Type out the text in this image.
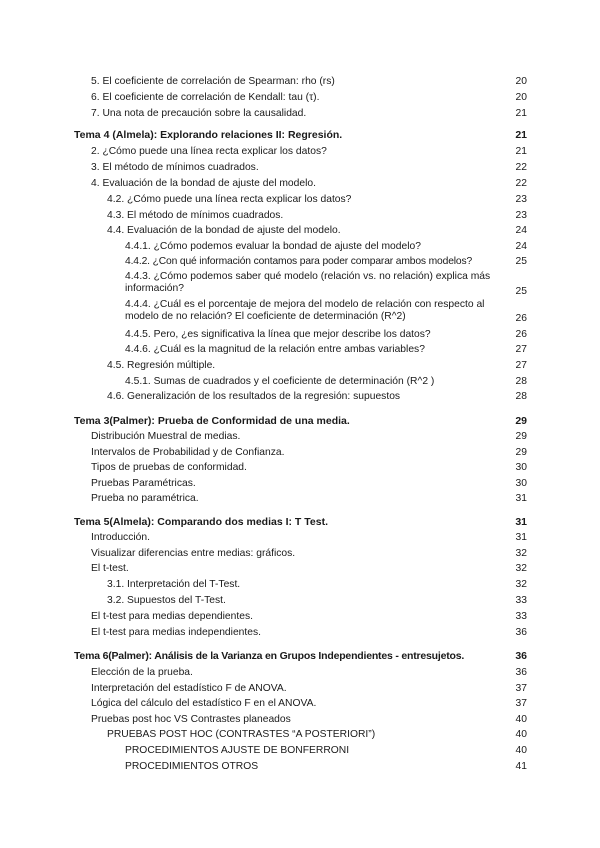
5. El coeficiente de correlación de Spearman: rho (rs)	20
6. El coeficiente de correlación de Kendall: tau (τ).	20
7. Una nota de precaución sobre la causalidad.	21
Tema 4 (Almela): Explorando relaciones II: Regresión.	21
2. ¿Cómo puede una línea recta explicar los datos?	21
3. El método de mínimos cuadrados.	22
4. Evaluación de la bondad de ajuste del modelo.	22
4.2. ¿Cómo puede una línea recta explicar los datos?	23
4.3. El método de mínimos cuadrados.	23
4.4. Evaluación de la bondad de ajuste del modelo.	24
4.4.1. ¿Cómo podemos evaluar la bondad de ajuste del modelo?	24
4.4.2. ¿Con qué información contamos para poder comparar ambos modelos?	25
4.4.3. ¿Cómo podemos saber qué modelo (relación vs. no relación) explica más información?	25
4.4.4. ¿Cuál es el porcentaje de mejora del modelo de relación con respecto al modelo de no relación? El coeficiente de determinación (R^2)	26
4.4.5. Pero, ¿es significativa la línea que mejor describe los datos?	26
4.4.6. ¿Cuál es la magnitud de la relación entre ambas variables?	27
4.5. Regresión múltiple.	27
4.5.1. Sumas de cuadrados y el coeficiente de determinación (R^2 )	28
4.6. Generalización de los resultados de la regresión: supuestos	28
Tema 3(Palmer): Prueba de Conformidad de una media.	29
Distribución Muestral de medias.	29
Intervalos de Probabilidad y de Confianza.	29
Tipos de pruebas de conformidad.	30
Pruebas Paramétricas.	30
Prueba no paramétrica.	31
Tema 5(Almela): Comparando dos medias I: T Test.	31
Introducción.	31
Visualizar diferencias entre medias: gráficos.	32
El t-test.	32
3.1. Interpretación del T-Test.	32
3.2. Supuestos del T-Test.	33
El t-test para medias dependientes.	33
El t-test para medias independientes.	36
Tema 6(Palmer): Análisis de la Varianza en Grupos Independientes - entresujetos.	36
Elección de la prueba.	36
Interpretación del estadístico F de ANOVA.	37
Lógica del cálculo del estadístico F en el ANOVA.	37
Pruebas post hoc VS Contrastes planeados	40
PRUEBAS POST HOC (CONTRASTES “A POSTERIORI”)	40
PROCEDIMIENTOS AJUSTE DE BONFERRONI	40
PROCEDIMIENTOS OTROS	41
